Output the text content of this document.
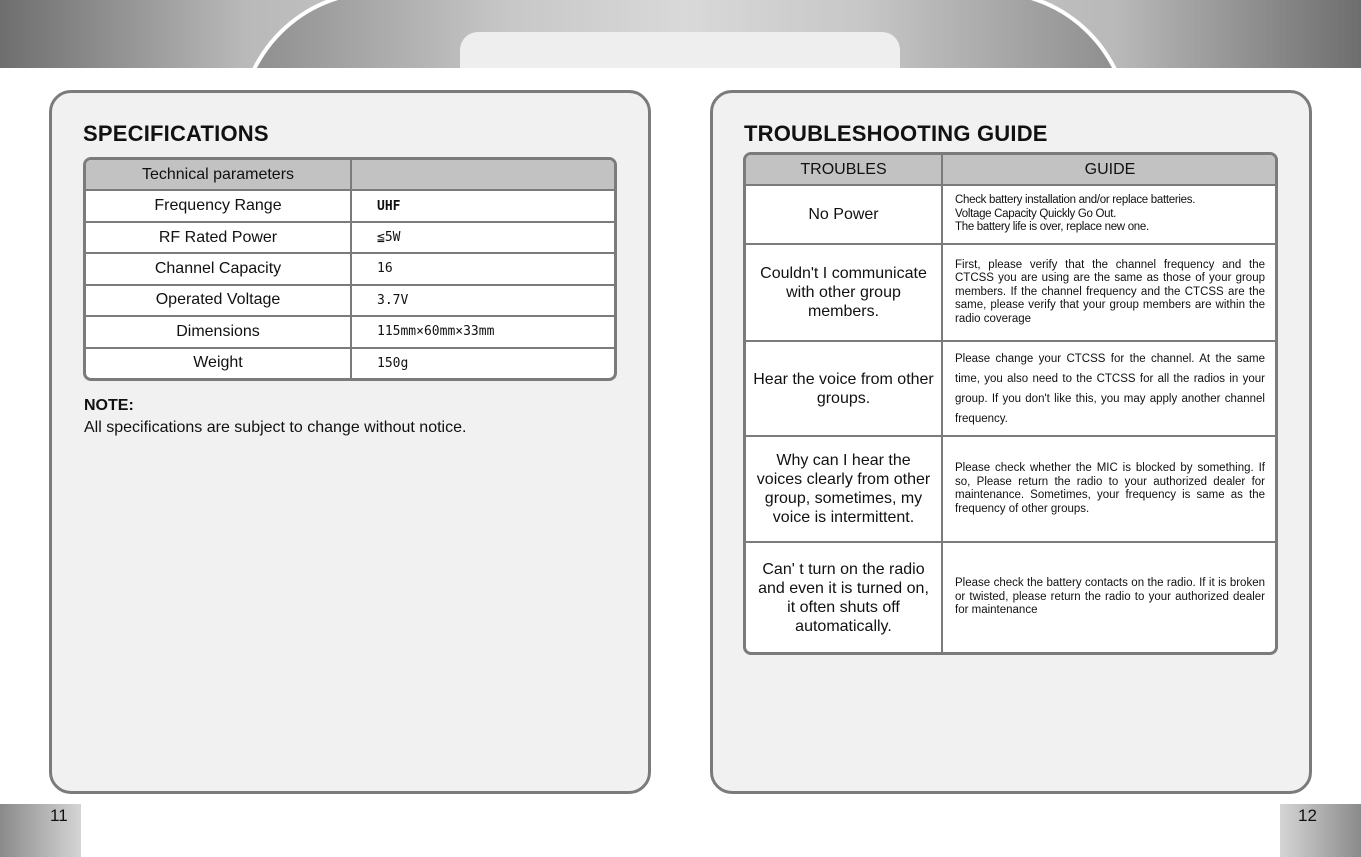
SPECIFICATIONS
Technical parameters	
Frequency Range	UHF
RF Rated Power	≦5W
Channel Capacity	16
Operated Voltage	3.7V
Dimensions	115mm×60mm×33mm
Weight	150g
NOTE:
All specifications are subject to change without notice.
TROUBLESHOOTING GUIDE
TROUBLES	GUIDE
No Power	Check battery installation and/or replace batteries.
Voltage Capacity Quickly Go Out.
The battery life is over, replace new one.
Couldn't I communicate with other group members.	First, please verify that the channel frequency and the CTCSS you are using are the same as those of your group members. If the channel frequency and the CTCSS are the same, please verify that your group members are within the radio coverage
Hear the voice from other groups.	Please change your CTCSS for the channel. At the same time, you also need to the CTCSS for all the radios in your group. If you don't like this, you may apply another channel frequency.
Why can I hear the voices clearly from other group, sometimes, my voice is intermittent.	Please check whether the MIC is blocked by something. If so, Please return the radio to your authorized dealer for maintenance. Sometimes, your frequency is same as the frequency of other groups.
Can' t turn on the radio and even it is turned on, it often shuts off automatically.	Please check the battery contacts on the radio. If it is broken or twisted, please return the radio to your authorized dealer for maintenance
11	12
